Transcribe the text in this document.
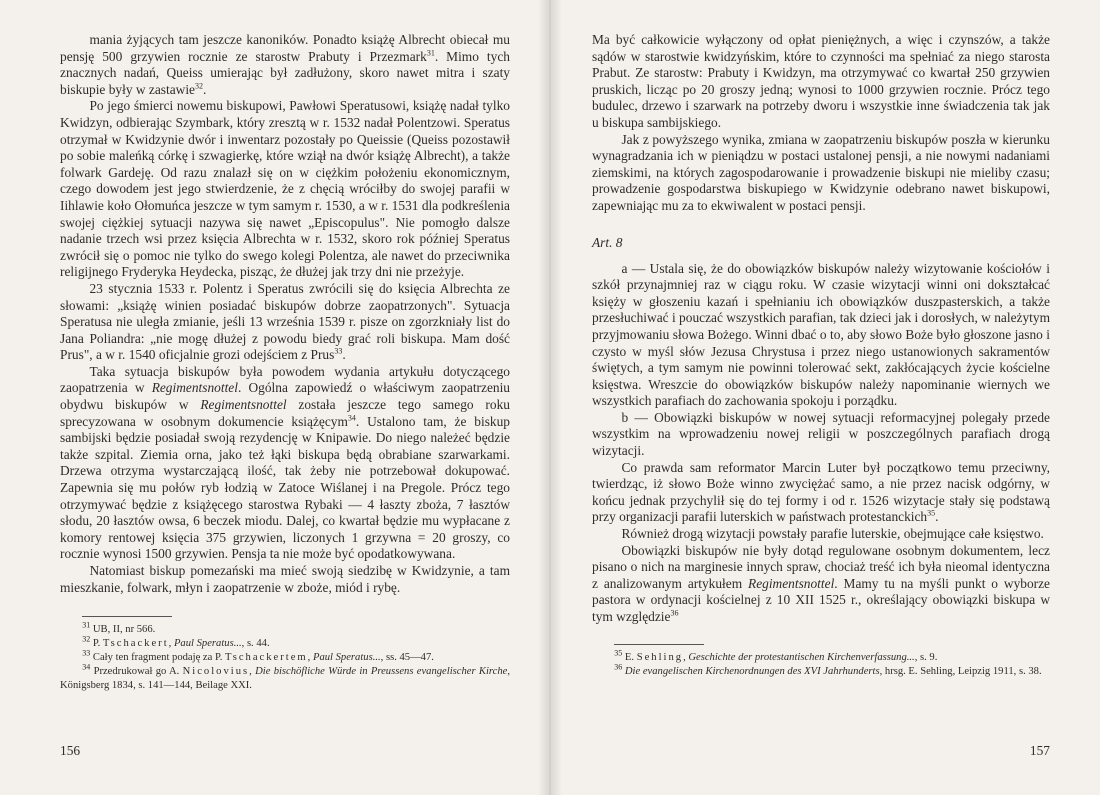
mania żyjących tam jeszcze kanoników. Ponadto książę Albrecht obiecał mu pensję 500 grzywien rocznie ze starostw Prabuty i Przezmark$^{31}$. Mimo tych znacznych nadań, Queiss umierając był zadłużony, skoro nawet mitra i szaty biskupie były w zastawie$^{32}$.

Po jego śmierci nowemu biskupowi, Pawłowi Speratusowi, książę nadał tylko Kwidzyn, odbierając Szymbark, który zresztą w r. 1532 nadał Polentzowi. Speratus otrzymał w Kwidzynie dwór i inwentarz pozostały po Queissie (Queiss pozostawił po sobie maleńką córkę i szwagierkę, które wziął na dwór książę Albrecht), a także folwark Gardeję. Od razu znalazł się on w ciężkim położeniu ekonomicznym, czego dowodem jest jego stwierdzenie, że z chęcią wróciłby do swojej parafii w Iihlawie koło Ołomuńca jeszcze w tym samym r. 1530, a w r. 1531 dla podkreślenia swojej ciężkiej sytuacji nazywa się nawet „Episcopulus". Nie pomogło dalsze nadanie trzech wsi przez księcia Albrechta w r. 1532, skoro rok później Speratus zwrócił się o pomoc nie tylko do swego kolegi Polentza, ale nawet do przeciwnika religijnego Fryderyka Heydecka, pisząc, że dłużej jak trzy dni nie przeżyje.

23 stycznia 1533 r. Polentz i Speratus zwrócili się do księcia Albrechta ze słowami: „książę winien posiadać biskupów dobrze zaopatrzonych". Sytuacja Speratusa nie uległa zmianie, jeśli 13 września 1539 r. pisze on zgorzkniały list do Jana Poliandra: „nie mogę dłużej z powodu biedy grać roli biskupa. Mam dość Prus", a w r. 1540 oficjalnie grozi odejściem z Prus$^{33}$.

Taka sytuacja biskupów była powodem wydania artykułu dotyczącego zaopatrzenia w Regimentsnottel. Ogólna zapowiedź o właściwym zaopatrzeniu obydwu biskupów w Regimentsnottel została jeszcze tego samego roku sprecyzowana w osobnym dokumencie książęcym$^{34}$. Ustalono tam, że biskup sambijski będzie posiadał swoją rezydencję w Knipawie. Do niego należeć będzie także szpital. Ziemia orna, jako też łąki biskupa będą obrabiane szarwarkami. Drzewa otrzyma wystarczającą ilość, tak żeby nie potrzebował dokupować. Zapewnia się mu połów ryb łodzią w Zatoce Wiślanej i na Pregole. Prócz tego otrzymywać będzie z książęcego starostwa Rybaki — 4 łaszty zboża, 7 łasztów słodu, 20 łasztów owsa, 6 beczek miodu. Dalej, co kwartał będzie mu wypłacane z komory rentowej księcia 375 grzywien, liczonych 1 grzywna = 20 groszy, co rocznie wynosi 1500 grzywien. Pensja ta nie może być opodatkowywana.

Natomiast biskup pomezański ma mieć swoją siedzibę w Kwidzynie, a tam mieszkanie, folwark, młyn i zaopatrzenie w zboże, miód i rybę.

$^{31}$ UB, II, nr 566.

$^{32}$ P. Tschackert, Paul Speratus..., s. 44.

$^{33}$ Cały ten fragment podaję za P. Tschackertem, Paul Speratus..., ss. 45—47.

$^{34}$ Przedrukował go A. Nicolovius, Die bischöfliche Würde in Preussens evangelischer Kirche, Königsberg 1834, s. 141—144, Beilage XXI.

156

Ma być całkowicie wyłączony od opłat pieniężnych, a więc i czynszów, a także sądów w starostwie kwidzyńskim, które to czynności ma spełniać za niego starosta Prabut. Ze starostw: Prabuty i Kwidzyn, ma otrzymywać co kwartał 250 grzywien pruskich, licząc po 20 groszy jedną; wynosi to 1000 grzywien rocznie. Prócz tego budulec, drzewo i szarwark na potrzeby dworu i wszystkie inne świadczenia tak jak u biskupa sambijskiego.

Jak z powyższego wynika, zmiana w zaopatrzeniu biskupów poszła w kierunku wynagradzania ich w pieniądzu w postaci ustalonej pensji, a nie nowymi nadaniami ziemskimi, na których zagospodarowanie i prowadzenie biskupi nie mieliby czasu; prowadzenie gospodarstwa biskupiego w Kwidzynie odebrano nawet biskupowi, zapewniając mu za to ekwiwalent w postaci pensji.

Art. 8

a — Ustala się, że do obowiązków biskupów należy wizytowanie kościołów i szkół przynajmniej raz w ciągu roku. W czasie wizytacji winni oni dokształcać księży w głoszeniu kazań i spełnianiu ich obowiązków duszpasterskich, a także przesłuchiwać i pouczać wszystkich parafian, tak dzieci jak i dorosłych, w należytym przyjmowaniu słowa Bożego. Winni dbać o to, aby słowo Boże było głoszone jasno i czysto w myśl słów Jezusa Chrystusa i przez niego ustanowionych sakramentów świętych, a tym samym nie powinni tolerować sekt, zakłócających życie kościelne księstwa. Wreszcie do obowiązków biskupów należy napominanie wiernych we wszystkich parafiach do zachowania spokoju i porządku.

b — Obowiązki biskupów w nowej sytuacji reformacyjnej polegały przede wszystkim na wprowadzeniu nowej religii w poszczególnych parafiach drogą wizytacji.

Co prawda sam reformator Marcin Luter był początkowo temu przeciwny, twierdząc, iż słowo Boże winno zwyciężać samo, a nie przez nacisk odgórny, w końcu jednak przychylił się do tej formy i od r. 1526 wizytacje stały się podstawą przy organizacji parafii luterskich w państwach protestanckich$^{35}$.

Również drogą wizytacji powstały parafie luterskie, obejmujące całe księstwo.

Obowiązki biskupów nie były dotąd regulowane osobnym dokumentem, lecz pisano o nich na marginesie innych spraw, chociaż treść ich była nieomal identyczna z analizowanym artykułem Regimentsnottel. Mamy tu na myśli punkt o wyborze pastora w ordynacji kościelnej z 10 XII 1525 r., określający obowiązki biskupa w tym względzie$^{36}$

$^{35}$ E. Sehling, Geschichte der protestantischen Kirchenverfassung..., s. 9.

$^{36}$ Die evangelischen Kirchenordnungen des XVI Jahrhunderts, hrsg. E. Sehling, Leipzig 1911, s. 38.

157
